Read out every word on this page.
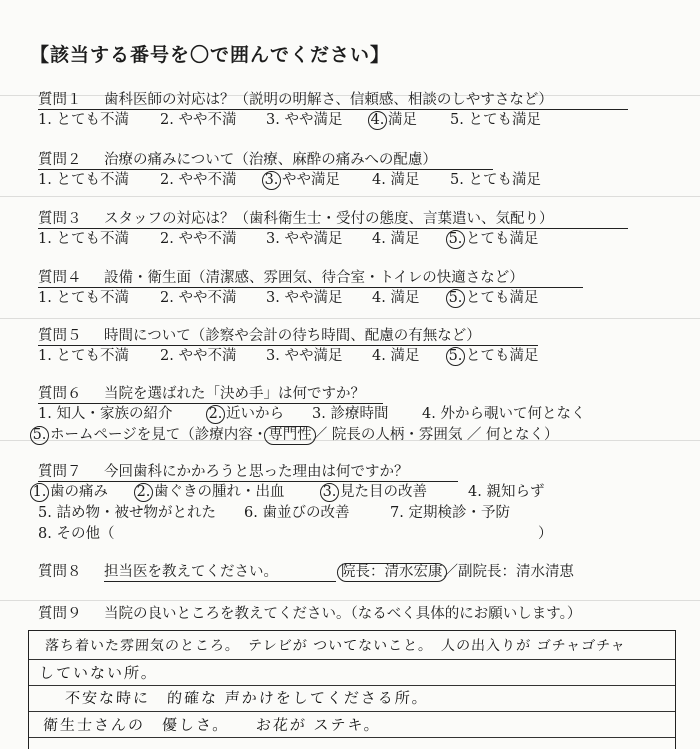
【該当する番号を〇で囲んでください】
質問１ 歯科医師の対応は？（説明の明解さ、信頼感、相談のしやすさなど）
1. とても不満 2. やや不満 3. やや満足 4. 満足 5. とても満足
質問２ 治療の痛みについて（治療、麻酔の痛みへの配慮）
1. とても不満 2. やや不満 3. やや満足 4. 満足 5. とても満足
質問３ スタッフの対応は？（歯科衛生士・受付の態度、言葉遣い、気配り）
1. とても不満 2. やや不満 3. やや満足 4. 満足 5. とても満足
質問４ 設備・衛生面（清潔感、雰囲気、待合室・トイレの快適さなど）
1. とても不満 2. やや不満 3. やや満足 4. 満足 5. とても満足
質問５ 時間について（診察や会計の待ち時間、配慮の有無など）
1. とても不満 2. やや不満 3. やや満足 4. 満足 5. とても満足
質問６ 当院を選ばれた「決め手」は何ですか？
1. 知人・家族の紹介 2. 近いから 3. 診療時間 4. 外から覗いて何となく
5. ホームページを見て（診療内容・専門性／ 院長の人柄・雰囲気 ／ 何となく）
質問７ 今回歯科にかかろうと思った理由は何ですか？
1. 歯の痛み 2. 歯ぐきの腫れ・出血	3. 見た目の改善	4. 親知らず
5. 詰め物・被せ物がとれた 6. 歯並びの改善	7. 定期検診・予防
8. その他（	）
質問８ 担当医を教えてください。	院長：清水宏康／副院長：清水清恵
質問９ 当院の良いところを教えてください。（なるべく具体的にお願いします。）
落ち着いた雰囲気のところ。　テレビが ついてないこと。　人の出入りが ゴチャゴチャ
していない所。
不安な時に　的確な 声かけをしてくださる所。
衛生士さんの　優しさ。　　お花が ステキ。
